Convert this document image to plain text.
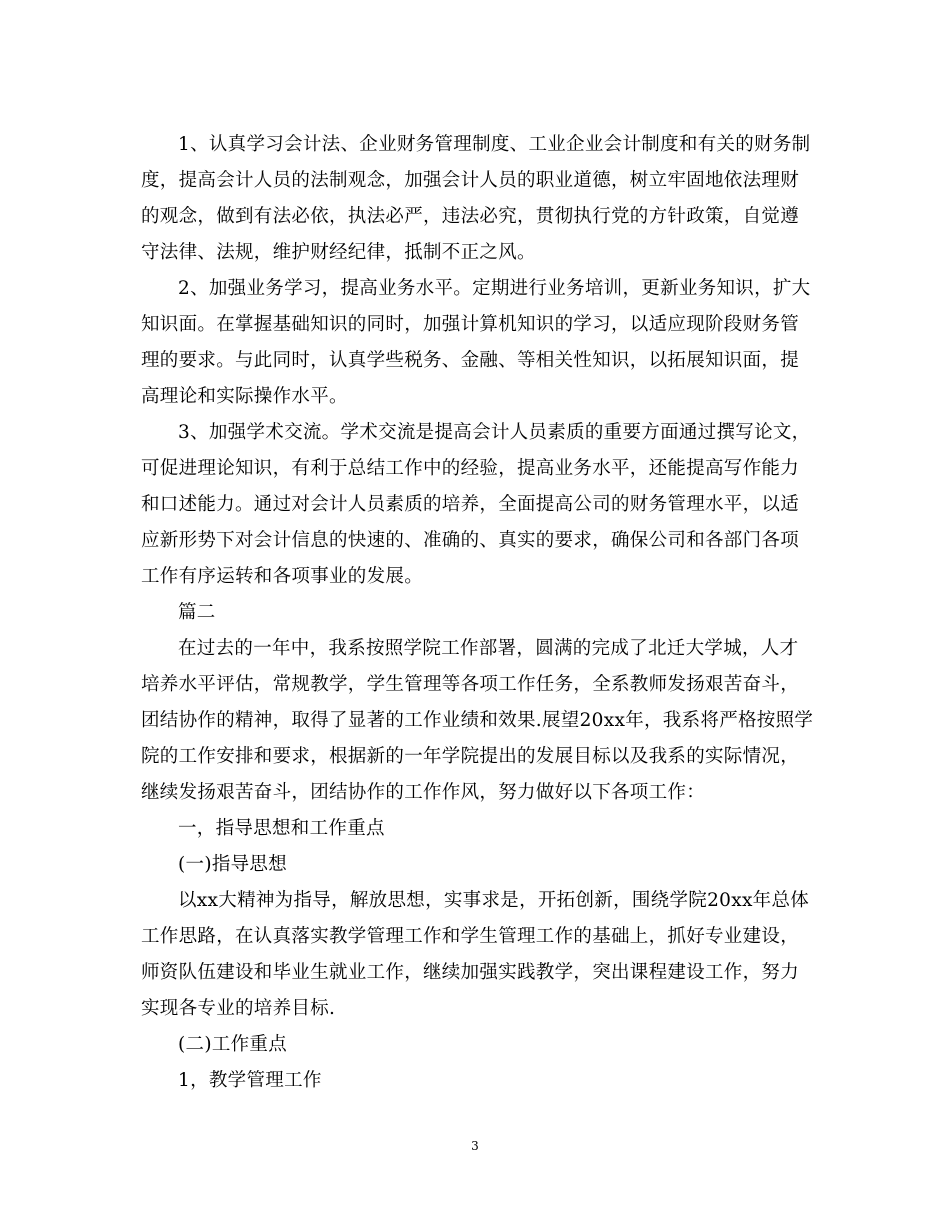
1、认真学习会计法、企业财务管理制度、工业企业会计制度和有关的财务制
度，提高会计人员的法制观念，加强会计人员的职业道德，树立牢固地依法理财
的观念，做到有法必依，执法必严，违法必究，贯彻执行党的方针政策，自觉遵
守法律、法规，维护财经纪律，抵制不正之风。
2、加强业务学习，提高业务水平。定期进行业务培训，更新业务知识，扩大
知识面。在掌握基础知识的同时，加强计算机知识的学习，以适应现阶段财务管
理的要求。与此同时，认真学些税务、金融、等相关性知识，以拓展知识面，提
高理论和实际操作水平。
3、加强学术交流。学术交流是提高会计人员素质的重要方面通过撰写论文，
可促进理论知识，有利于总结工作中的经验，提高业务水平，还能提高写作能力
和口述能力。通过对会计人员素质的培养，全面提高公司的财务管理水平，以适
应新形势下对会计信息的快速的、准确的、真实的要求，确保公司和各部门各项
工作有序运转和各项事业的发展。
篇二
在过去的一年中，我系按照学院工作部署，圆满的完成了北迁大学城，人才
培养水平评估，常规教学，学生管理等各项工作任务，全系教师发扬艰苦奋斗，
团结协作的精神，取得了显著的工作业绩和效果.展望20xx年，我系将严格按照学
院的工作安排和要求，根据新的一年学院提出的发展目标以及我系的实际情况，
继续发扬艰苦奋斗，团结协作的工作作风，努力做好以下各项工作：
一，指导思想和工作重点
(一)指导思想
以xx大精神为指导，解放思想，实事求是，开拓创新，围绕学院20xx年总体
工作思路，在认真落实教学管理工作和学生管理工作的基础上，抓好专业建设，
师资队伍建设和毕业生就业工作，继续加强实践教学，突出课程建设工作，努力
实现各专业的培养目标.
(二)工作重点
1，教学管理工作
3
